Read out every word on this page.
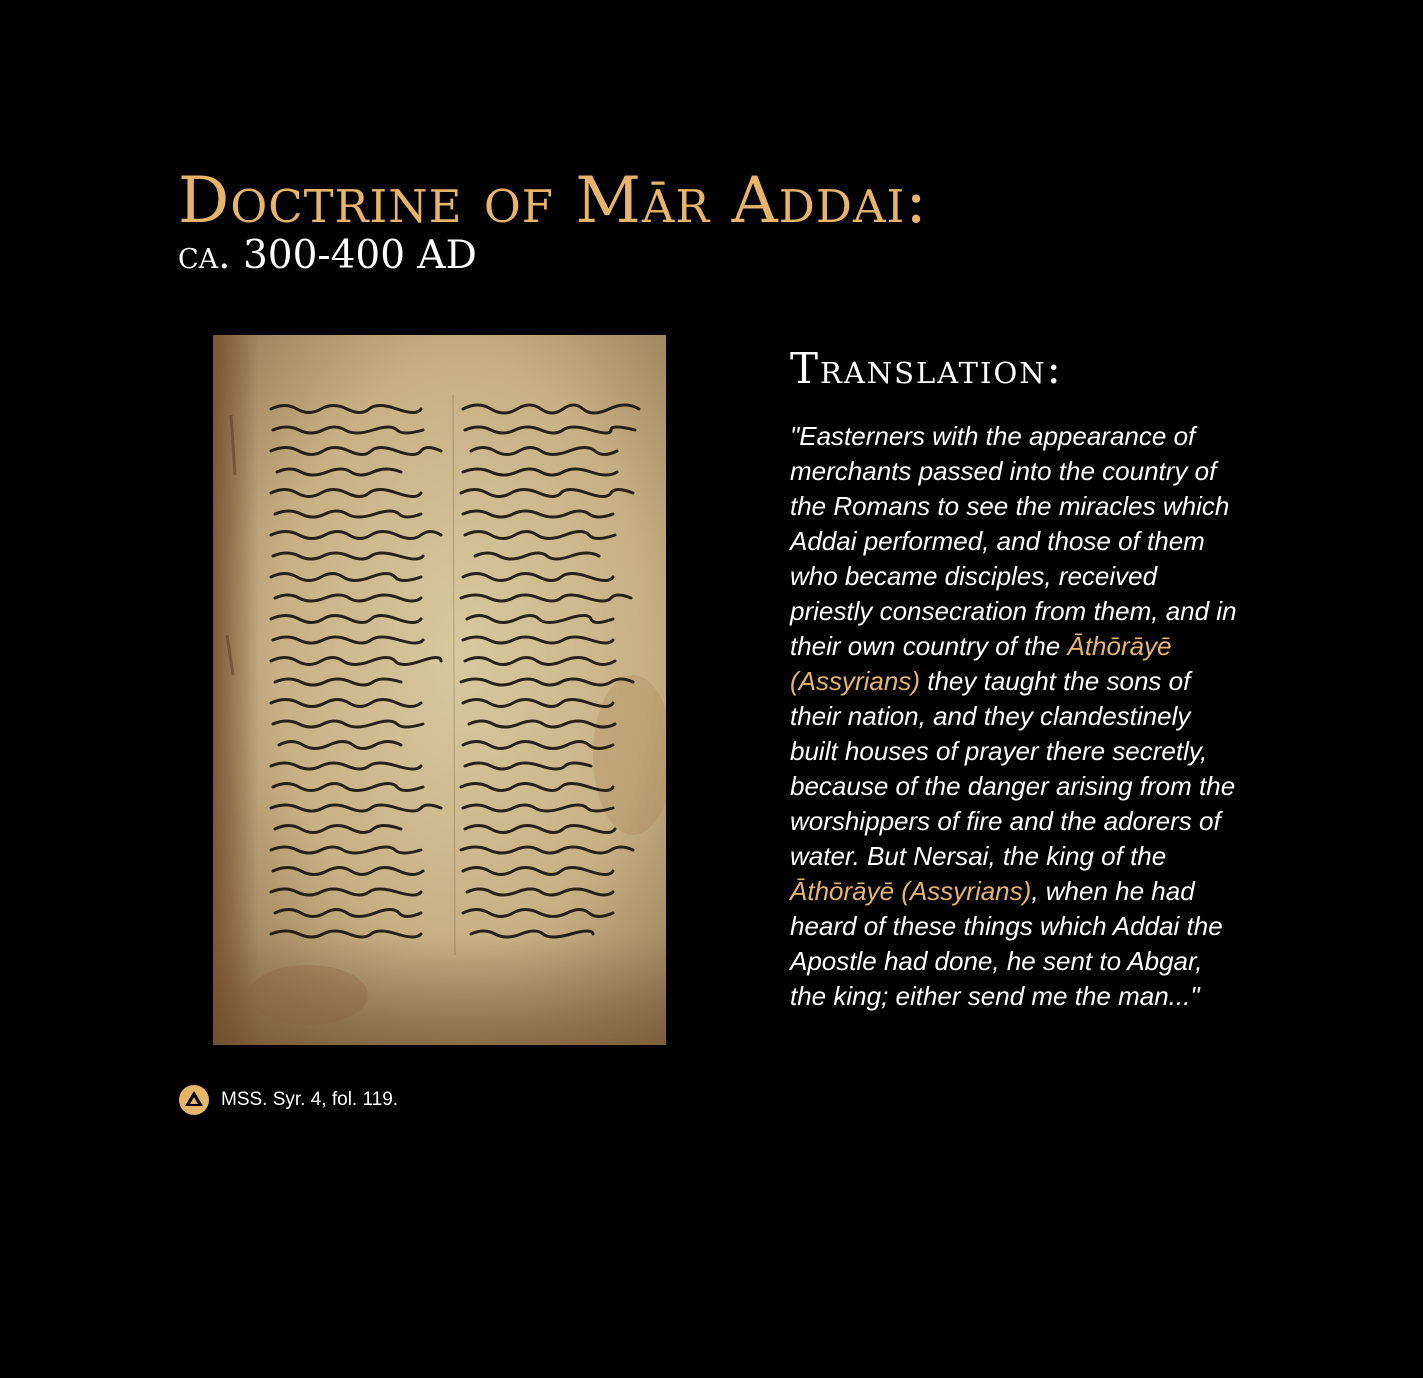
Doctrine of Mār Addai:
ca. 300-400 AD
MSS. Syr. 4, fol. 119.
Translation:

"Easterners with the appearance of merchants passed into the country of the Romans to see the miracles which Addai performed, and those of them who became disciples, received priestly consecration from them, and in their own country of the Āthōrāyē (Assyrians) they taught the sons of their nation, and they clandestinely built houses of prayer there secretly, because of the danger arising from the worshippers of fire and the adorers of water. But Nersai, the king of the Āthōrāyē (Assyrians), when he had heard of these things which Addai the Apostle had done, he sent to Abgar, the king; either send me the man..."
